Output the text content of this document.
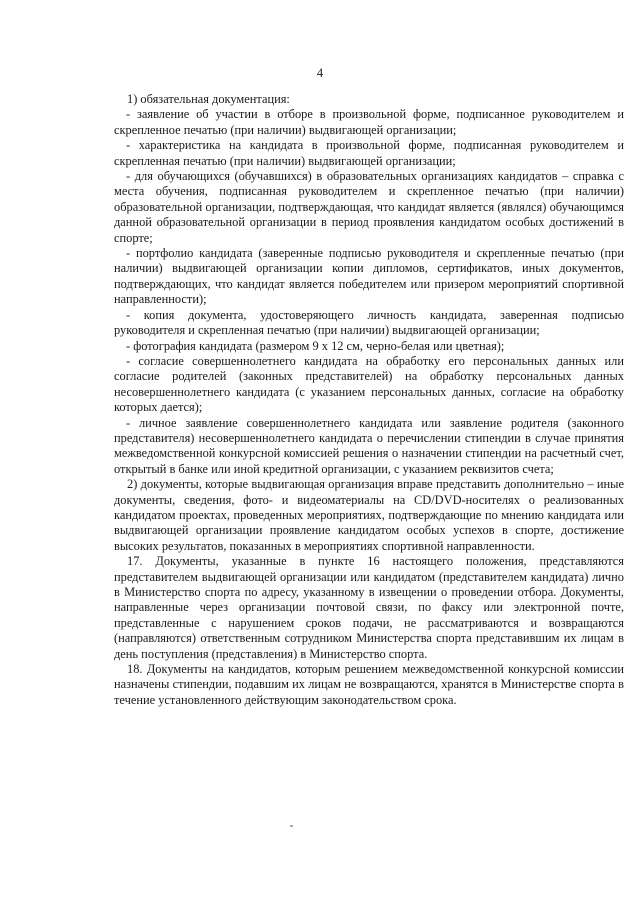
4

1) обязательная документация:

- заявление об участии в отборе в произвольной форме, подписанное руководителем и скрепленное печатью (при наличии) выдвигающей организации;

- характеристика на кандидата в произвольной форме, подписанная руководителем и скрепленная печатью (при наличии) выдвигающей организации;

- для обучающихся (обучавшихся) в образовательных организациях кандидатов – справка с места обучения, подписанная руководителем и скрепленное печатью (при наличии) образовательной организации, подтверждающая, что кандидат является (являлся) обучающимся данной образовательной организации в период проявления кандидатом особых достижений в спорте;

- портфолио кандидата (заверенные подписью руководителя и скрепленные печатью (при наличии) выдвигающей организации копии дипломов, сертификатов, иных документов, подтверждающих, что кандидат является победителем или призером мероприятий спортивной направленности);

- копия документа, удостоверяющего личность кандидата, заверенная подписью руководителя и скрепленная печатью (при наличии) выдвигающей организации;

- фотография кандидата (размером 9 х 12 см, черно-белая или цветная);

- согласие совершеннолетнего кандидата на обработку его персональных данных или согласие родителей (законных представителей) на обработку персональных данных несовершеннолетнего кандидата (с указанием персональных данных, согласие на обработку которых дается);

- личное заявление совершеннолетнего кандидата или заявление родителя (законного представителя) несовершеннолетнего кандидата о перечислении стипендии в случае принятия межведомственной конкурсной комиссией решения о назначении стипендии на расчетный счет, открытый в банке или иной кредитной организации, с указанием реквизитов счета;

2) документы, которые выдвигающая организация вправе представить дополнительно – иные документы, сведения, фото- и видеоматериалы на CD/DVD-носителях о реализованных кандидатом проектах, проведенных мероприятиях, подтверждающие по мнению кандидата или выдвигающей организации проявление кандидатом особых успехов в спорте, достижение высоких результатов, показанных в мероприятиях спортивной направленности.

17. Документы, указанные в пункте 16 настоящего положения, представляются представителем выдвигающей организации или кандидатом (представителем кандидата) лично в Министерство спорта по адресу, указанному в извещении о проведении отбора. Документы, направленные через организации почтовой связи, по факсу или электронной почте, представленные с нарушением сроков подачи, не рассматриваются и возвращаются (направляются) ответственным сотрудником Министерства спорта представившим их лицам в день поступления (представления) в Министерство спорта.

18. Документы на кандидатов, которым решением межведомственной конкурсной комиссии назначены стипендии, подавшим их лицам не возвращаются, хранятся в Министерстве спорта в течение установленного действующим законодательством срока.
